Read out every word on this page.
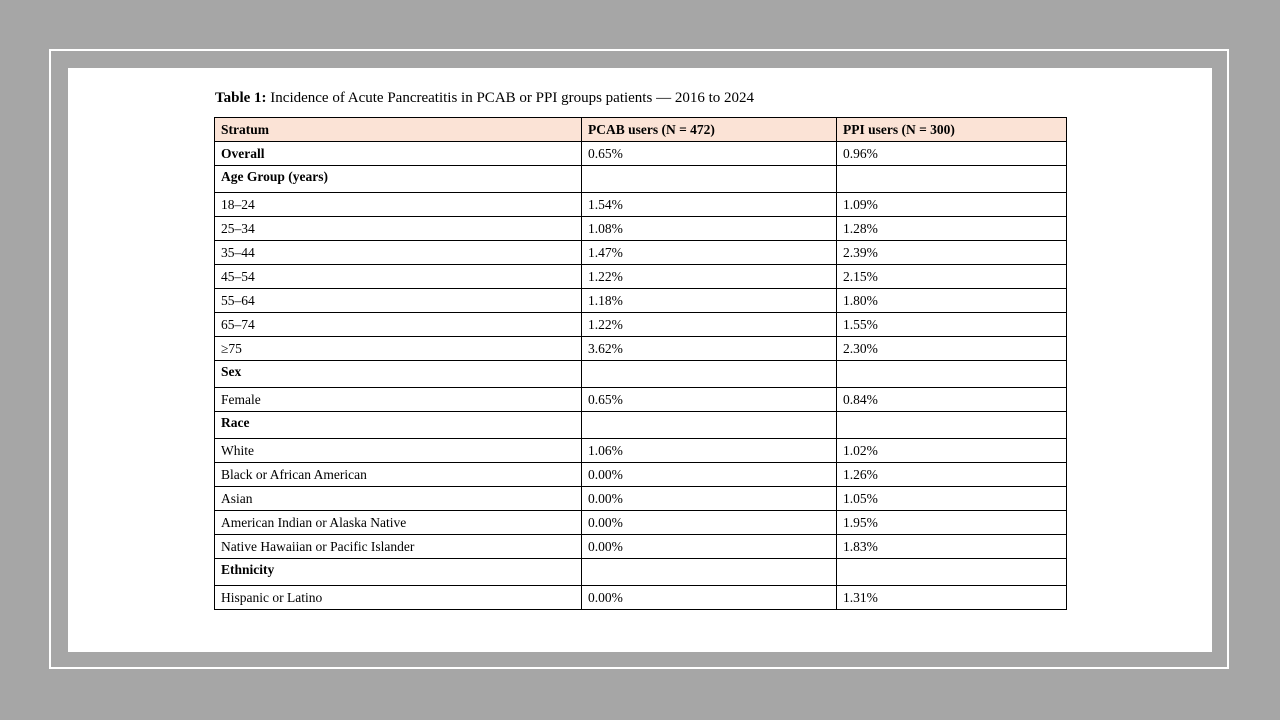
Table 1: Incidence of Acute Pancreatitis in PCAB or PPI groups patients — 2016 to 2024
Stratum	PCAB users (N = 472)	PPI users (N = 300)
Overall	0.65%	0.96%
Age Group (years)		
18–24	1.54%	1.09%
25–34	1.08%	1.28%
35–44	1.47%	2.39%
45–54	1.22%	2.15%
55–64	1.18%	1.80%
65–74	1.22%	1.55%
≥75	3.62%	2.30%
Sex		
Female	0.65%	0.84%
Race		
White	1.06%	1.02%
Black or African American	0.00%	1.26%
Asian	0.00%	1.05%
American Indian or Alaska Native	0.00%	1.95%
Native Hawaiian or Pacific Islander	0.00%	1.83%
Ethnicity		
Hispanic or Latino	0.00%	1.31%
